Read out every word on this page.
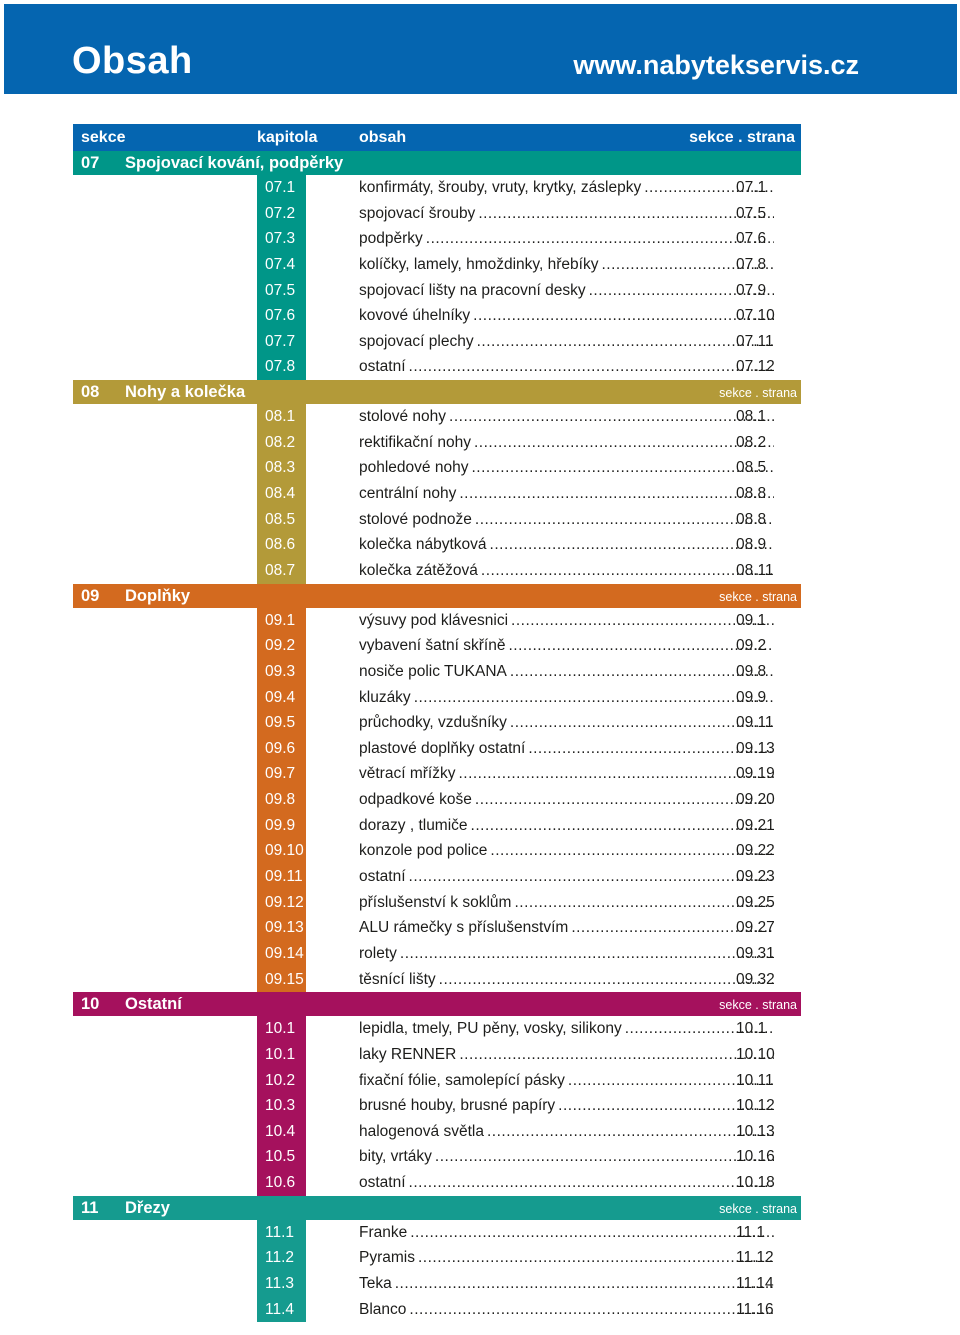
Obsah	www.nabytekservis.cz
sekce	kapitola	obsah	sekce . strana
07 Spojovací kování, podpěrky
07.1	konfirmáty, šrouby, vruty, krytky, záslepky .....	07.1
07.2	spojovací šrouby .....	07.5
07.3	podpěrky .....	07.6
07.4	kolíčky, lamely, hmoždinky, hřebíky .....	07.8
07.5	spojovací lišty na pracovní desky .....	07.9
07.6	kovové úhelníky .....	07.10
07.7	spojovací plechy .....	07.11
07.8	ostatní .....	07.12
08 Nohy a kolečka	sekce . strana
08.1	stolové nohy .....	08.1
08.2	rektifikační nohy .....	08.2
08.3	pohledové nohy .....	08.5
08.4	centrální nohy .....	08.8
08.5	stolové podnože .....	08.8
08.6	kolečka nábytková .....	08.9
08.7	kolečka zátěžová .....	08.11
09 Doplňky	sekce . strana
09.1	výsuvy pod klávesnici .....	09.1
09.2	vybavení šatní skříně .....	09.2
09.3	nosiče polic TUKANA .....	09.8
09.4	kluzáky .....	09.9
09.5	průchodky, vzdušníky .....	09.11
09.6	plastové doplňky ostatní .....	09.13
09.7	větrací mřížky .....	09.19
09.8	odpadkové koše .....	09.20
09.9	dorazy , tlumiče .....	09.21
09.10	konzole pod police .....	09.22
09.11	ostatní .....	09.23
09.12	příslušenství k soklům .....	09.25
09.13	ALU rámečky s příslušenstvím .....	09.27
09.14	rolety .....	09.31
09.15	těsnící lišty .....	09.32
10 Ostatní	sekce . strana
10.1	lepidla, tmely, PU pěny, vosky, silikony .....	10.1
10.1	laky RENNER .....	10.10
10.2	fixační fólie, samolepící pásky .....	10.11
10.3	brusné houby, brusné papíry .....	10.12
10.4	halogenová světla .....	10.13
10.5	bity, vrtáky .....	10.16
10.6	ostatní .....	10.18
11 Dřezy	sekce . strana
11.1	Franke .....	11.1
11.2	Pyramis .....	11.12
11.3	Teka .....	11.14
11.4	Blanco .....	11.16
